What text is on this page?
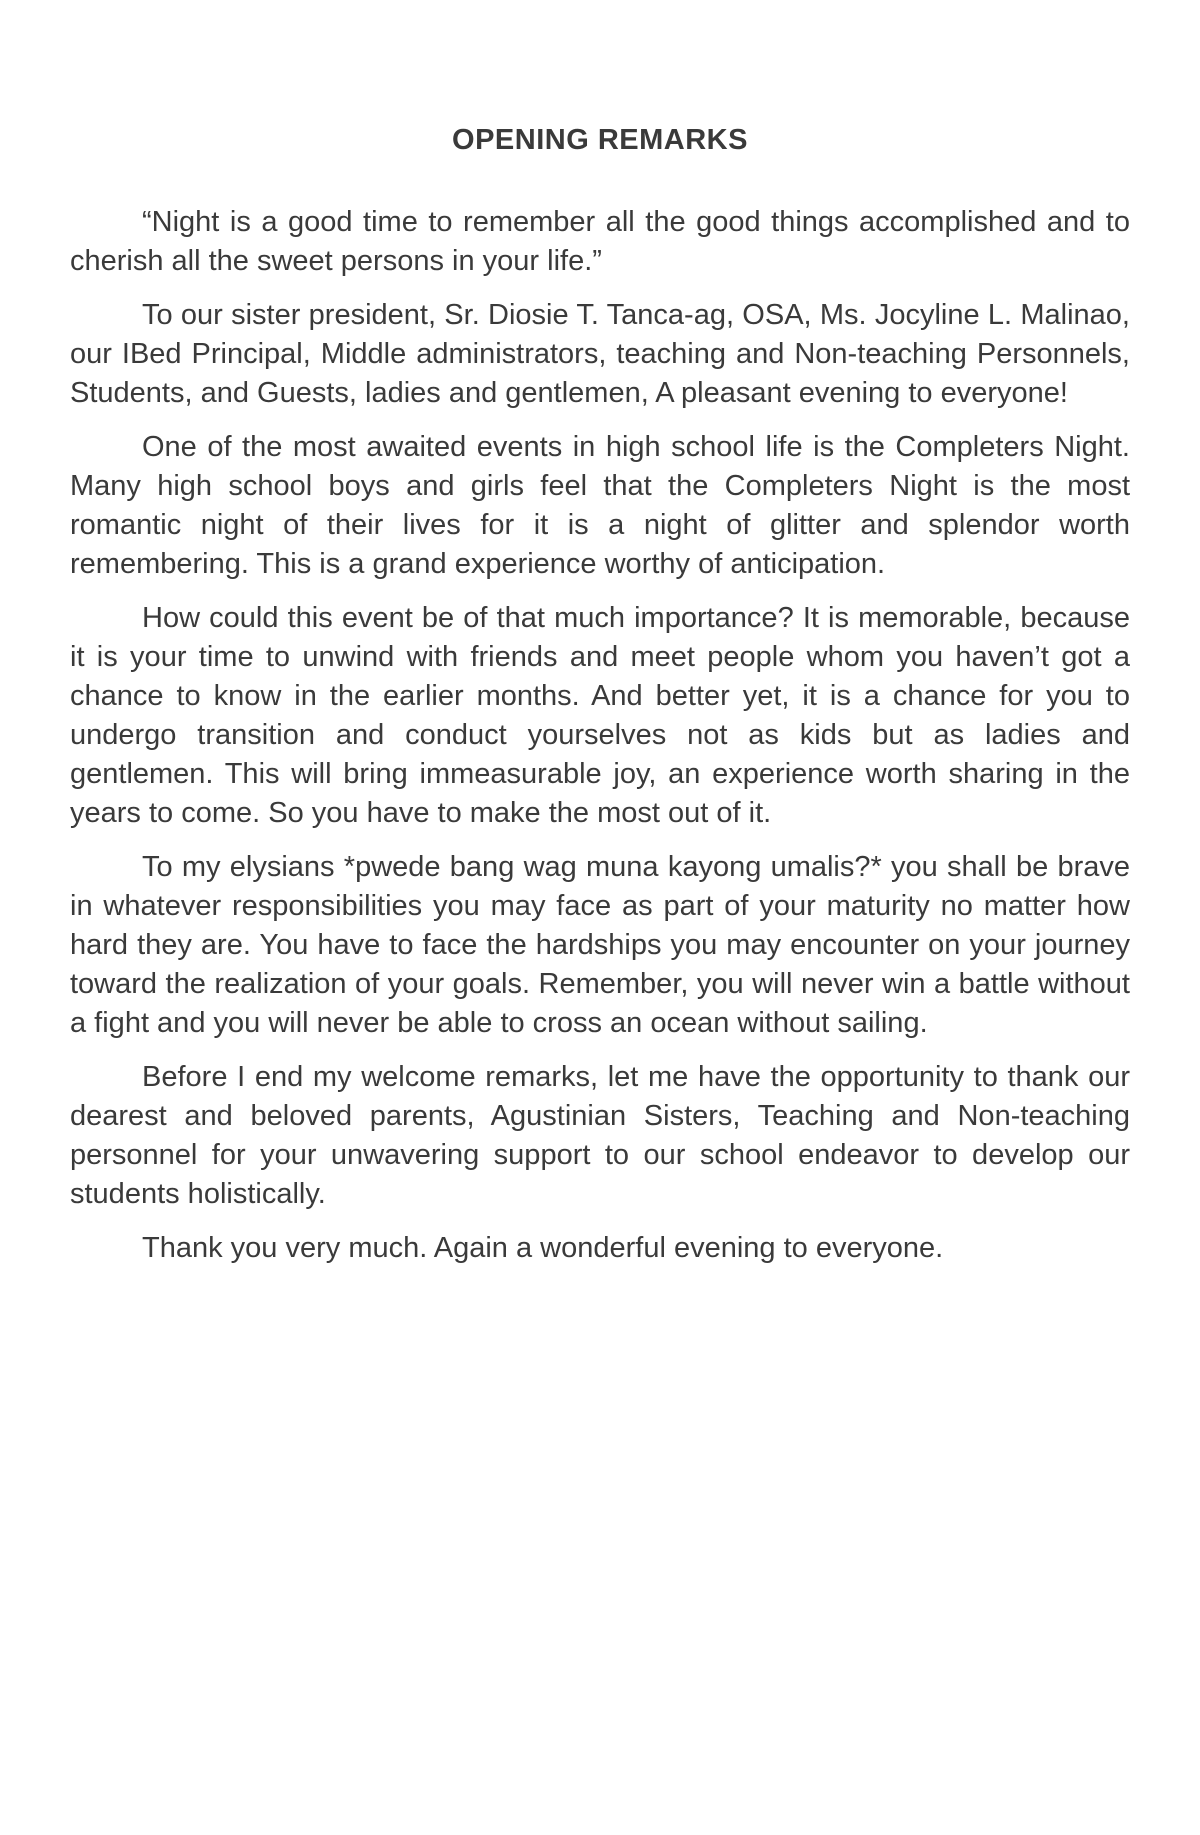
OPENING REMARKS

“Night is a good time to remember all the good things accomplished and to cherish all the sweet persons in your life.”

To our sister president, Sr. Diosie T. Tanca-ag, OSA, Ms. Jocyline L. Malinao, our IBed Principal, Middle administrators, teaching and Non-teaching Personnels, Students, and Guests, ladies and gentlemen, A pleasant evening to everyone!

One of the most awaited events in high school life is the Completers Night. Many high school boys and girls feel that the Completers Night is the most romantic night of their lives for it is a night of glitter and splendor worth remembering. This is a grand experience worthy of anticipation.

How could this event be of that much importance? It is memorable, because it is your time to unwind with friends and meet people whom you haven’t got a chance to know in the earlier months. And better yet, it is a chance for you to undergo transition and conduct yourselves not as kids but as ladies and gentlemen. This will bring immeasurable joy, an experience worth sharing in the years to come. So you have to make the most out of it.

To my elysians *pwede bang wag muna kayong umalis?* you shall be brave in whatever responsibilities you may face as part of your maturity no matter how hard they are. You have to face the hardships you may encounter on your journey toward the realization of your goals. Remember, you will never win a battle without a fight and you will never be able to cross an ocean without sailing.

Before I end my welcome remarks, let me have the opportunity to thank our dearest and beloved parents, Agustinian Sisters, Teaching and Non-teaching personnel for your unwavering support to our school endeavor to develop our students holistically.

Thank you very much. Again a wonderful evening to everyone.
